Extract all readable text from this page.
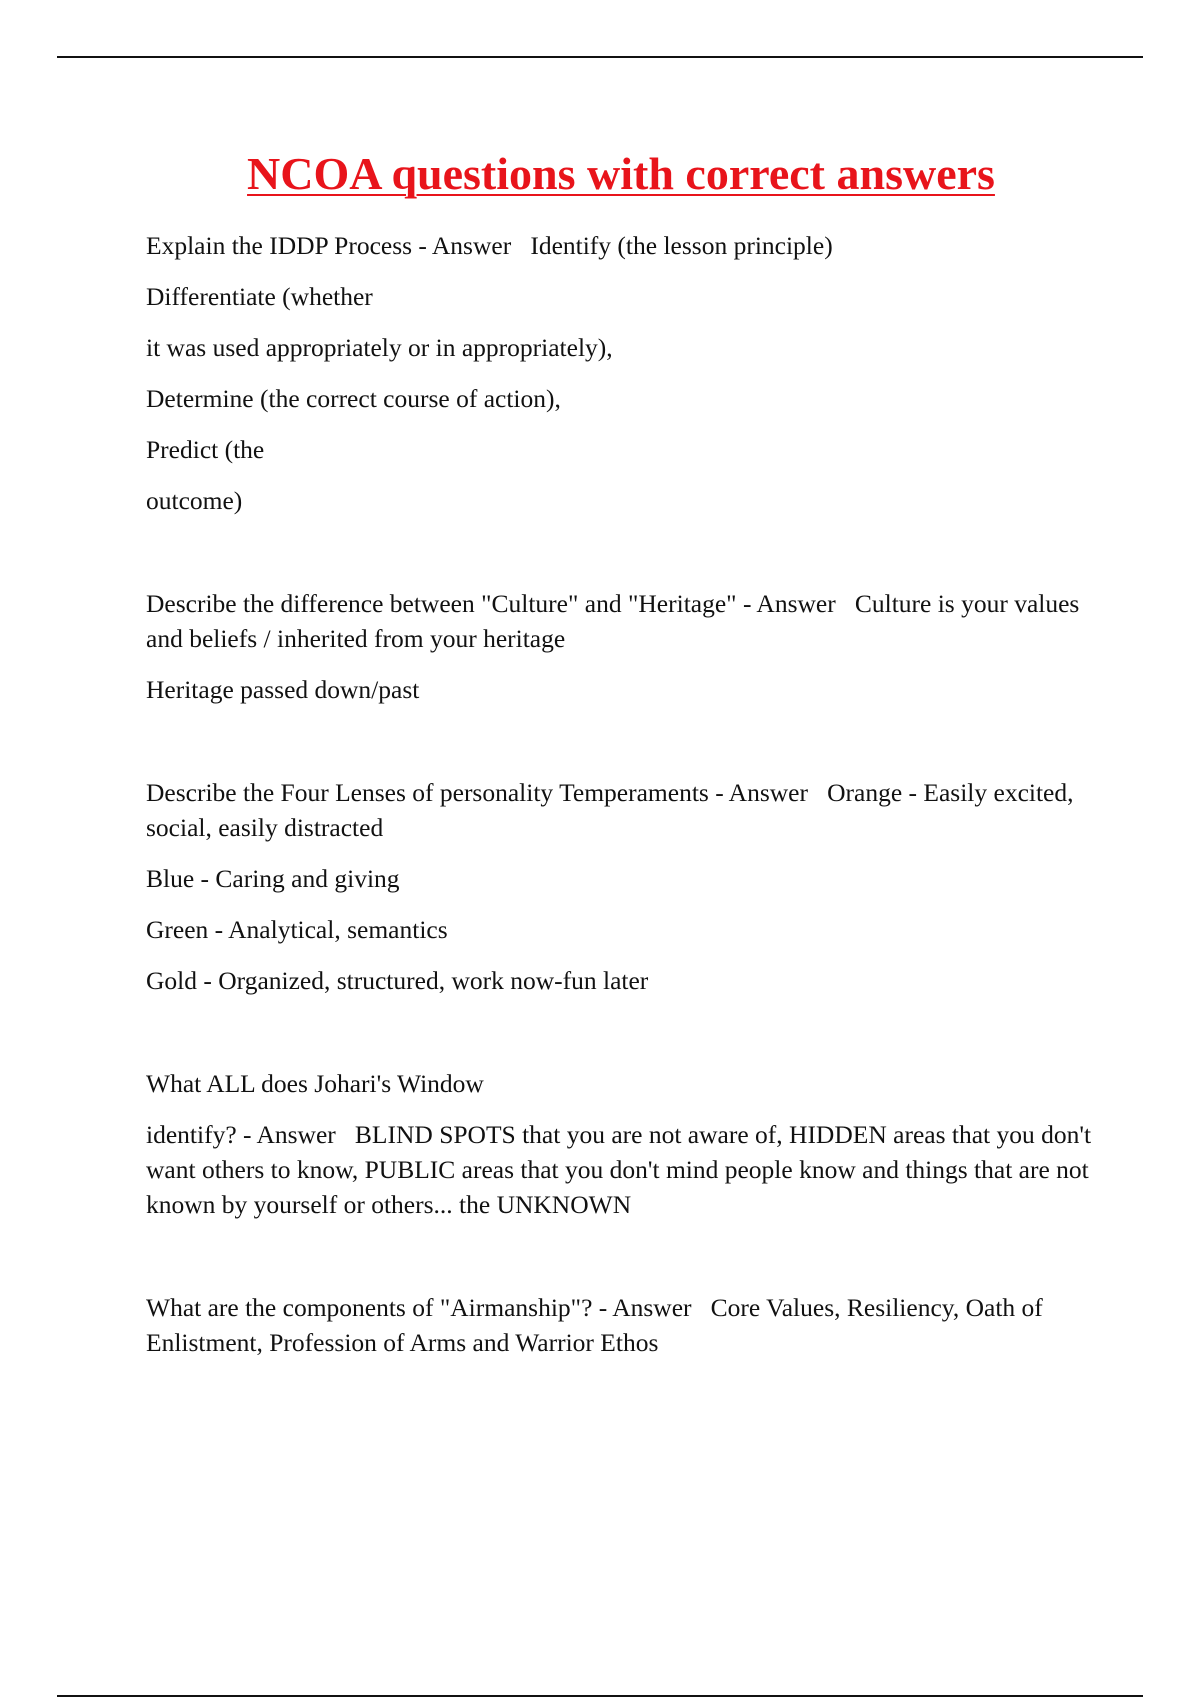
NCOA questions with correct answers

Explain the IDDP Process - Answer   Identify (the lesson principle)

Differentiate (whether

it was used appropriately or in appropriately),

Determine (the correct course of action),

Predict (the

outcome)

Describe the difference between "Culture" and "Heritage" - Answer   Culture is your values and beliefs / inherited from your heritage

Heritage passed down/past

Describe the Four Lenses of personality Temperaments - Answer   Orange - Easily excited, social, easily distracted

Blue - Caring and giving

Green - Analytical, semantics

Gold - Organized, structured, work now-fun later

What ALL does Johari's Window

identify? - Answer   BLIND SPOTS that you are not aware of, HIDDEN areas that you don't want others to know, PUBLIC areas that you don't mind people know and things that are not known by yourself or others... the UNKNOWN

What are the components of "Airmanship"? - Answer   Core Values, Resiliency, Oath of Enlistment, Profession of Arms and Warrior Ethos
